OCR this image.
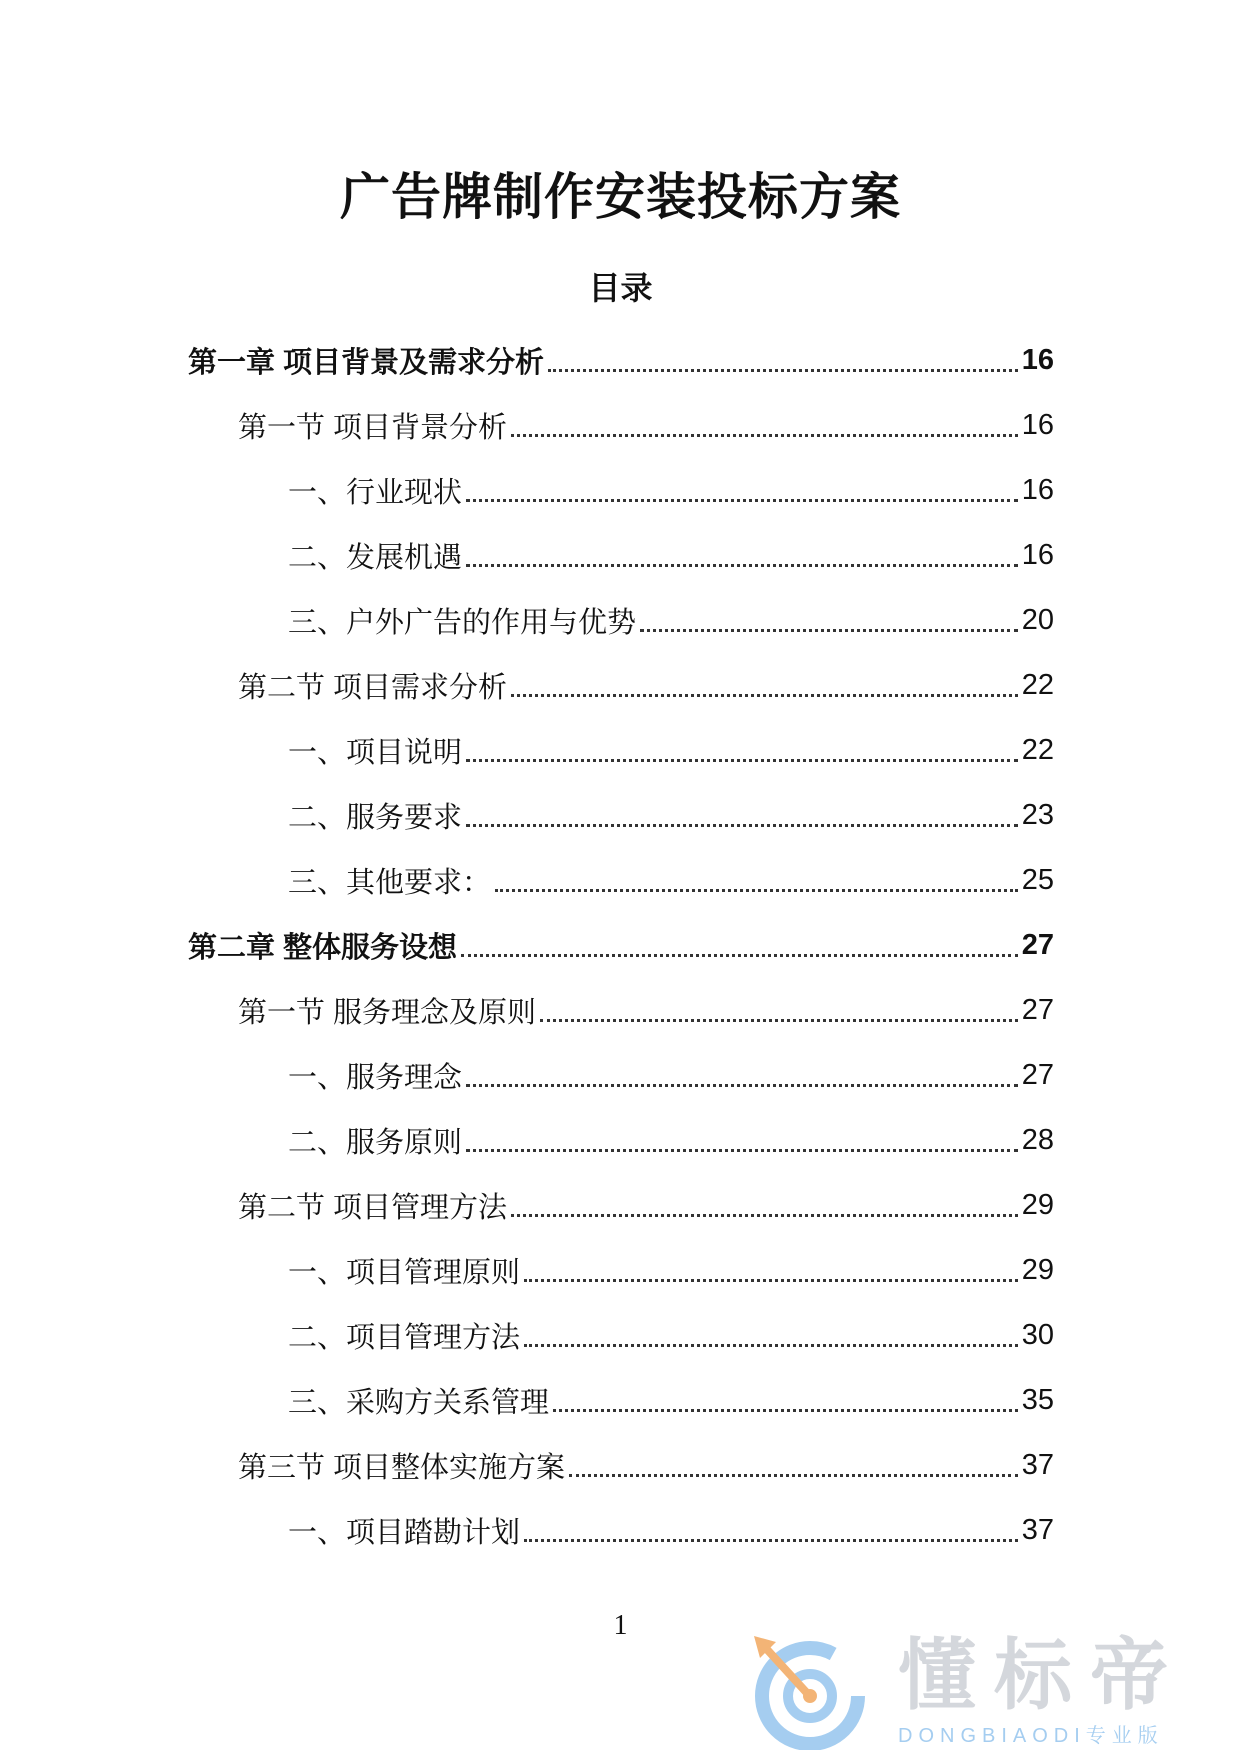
广告牌制作安装投标方案
目录
第一章 项目背景及需求分析	16
第一节 项目背景分析	16
一、行业现状	16
二、发展机遇	16
三、户外广告的作用与优势	20
第二节 项目需求分析	22
一、项目说明	22
二、服务要求	23
三、其他要求：	25
第二章 整体服务设想	27
第一节 服务理念及原则	27
一、服务理念	27
二、服务原则	28
第二节 项目管理方法	29
一、项目管理原则	29
二、项目管理方法	30
三、采购方关系管理	35
第三节 项目整体实施方案	37
一、项目踏勘计划	37
1
懂标帝
DONGBIAODI专业版
